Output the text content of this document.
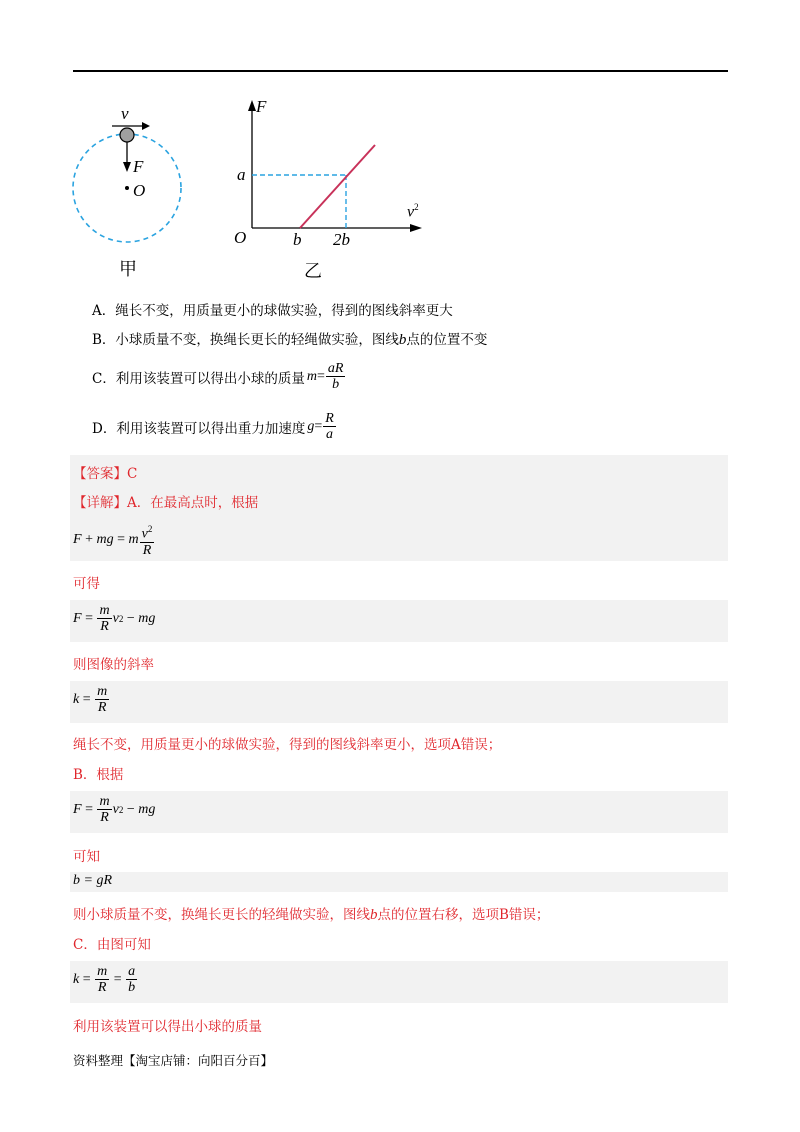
v
F
O
甲
F
$v^2$
a
O	b 2b
乙
A．绳长不变，用质量更小的球做实验，得到的图线斜率更大
B．小球质量不变，换绳长更长的轻绳做实验，图线b点的位置不变
C．利用该装置可以得出小球的质量 $m = \frac{aR}{b}$
D．利用该装置可以得出重力加速度 $g = \frac{R}{a}$
【答案】C
【详解】A．在最高点时，根据
F + mg = m $\frac{v^2}{R}$
可得
$F = \frac{m}{R}$ v 2 − mg
则图像的斜率
$k = \frac{m}{R}$
绳长不变，用质量更小的球做实验，得到的图线斜率更小，选项A错误；
B．根据
$F = \frac{m}{R}$ v 2 − mg
可知
b = gR
则小球质量不变，换绳长更长的轻绳做实验，图线b点的位置右移，选项B错误；
C．由图可知
$k = \frac{m}{R} = \frac{a}{b}$
利用该装置可以得出小球的质量
资料整理【淘宝店铺：向阳百分百】
